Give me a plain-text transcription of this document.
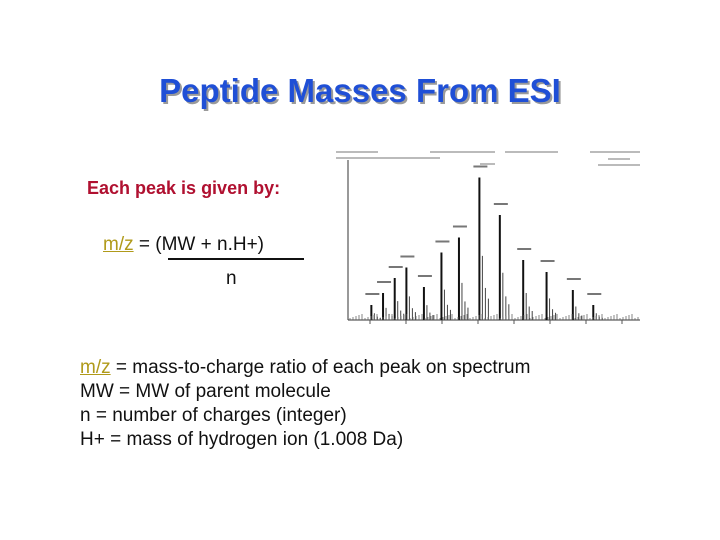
Peptide Masses From ESI
Each peak is given by:
m/z = (MW + n.H+)
n
m/z = mass-to-charge ratio of each peak on spectrum
MW = MW of parent molecule
n = number of charges (integer)
H+ = mass of hydrogen ion (1.008 Da)
